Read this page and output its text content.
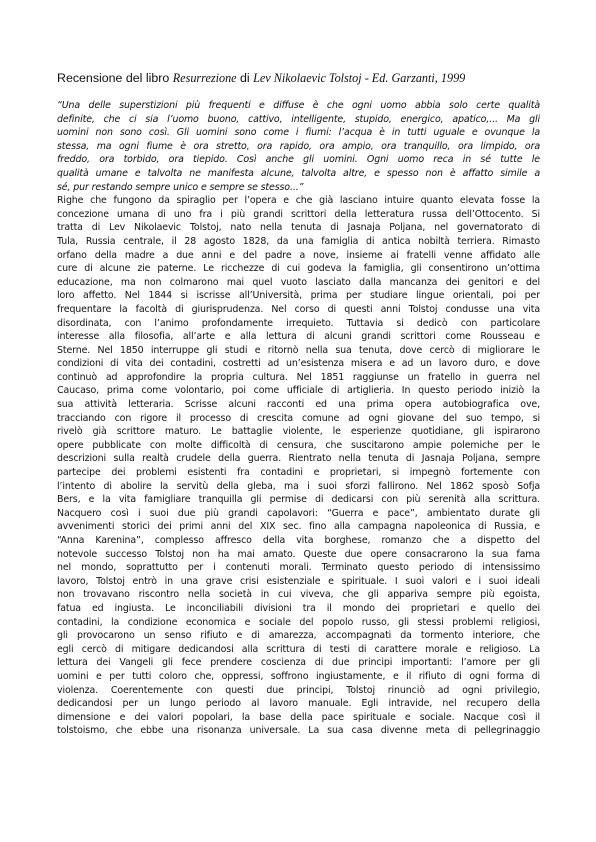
Recensione del libro Resurrezione di Lev Nikolaevic Tolstoj - Ed. Garzanti, 1999
“Una delle superstizioni più frequenti e diffuse è che ogni uomo abbia solo certe qualità
definite, che ci sia l’uomo buono, cattivo, intelligente, stupido, energico, apatico,... Ma gli
uomini non sono così. Gli uomini sono come i fiumi: l’acqua è in tutti uguale e ovunque la
stessa, ma ogni fiume è ora stretto, ora rapido, ora ampio, ora tranquillo, ora limpido, ora
freddo, ora torbido, ora tiepido. Così anche gli uomini. Ogni uomo reca in sé tutte le
qualità umane e talvolta ne manifesta alcune, talvolta altre, e spesso non è affatto simile a
sé, pur restando sempre unico e sempre se stesso...”
Righe che fungono da spiraglio per l’opera e che già lasciano intuire quanto elevata fosse la
concezione umana di uno fra i più grandi scrittori della letteratura russa dell’Ottocento. Si
tratta di Lev Nikolaevic Tolstoj, nato nella tenuta di Jasnaja Poljana, nel governatorato di
Tula, Russia centrale, il 28 agosto 1828, da una famiglia di antica nobiltà terriera. Rimasto
orfano della madre a due anni e del padre a nove, insieme ai fratelli venne affidato alle
cure di alcune zie paterne. Le ricchezze di cui godeva la famiglia, gli consentirono un’ottima
educazione, ma non colmarono mai quel vuoto lasciato dalla mancanza dei genitori e del
loro affetto. Nel 1844 si iscrisse all’Università, prima per studiare lingue orientali, poi per
frequentare la facoltà di giurisprudenza. Nel corso di questi anni Tolstoj condusse una vita
disordinata, con l’animo profondamente irrequieto. Tuttavia si dedicò con particolare
interesse alla filosofia, all’arte e alla lettura di alcuni grandi scrittori come Rousseau e
Sterne. Nel 1850 interruppe gli studi e ritornò nella sua tenuta, dove cercò di migliorare le
condizioni di vita dei contadini, costretti ad un’esistenza misera e ad un lavoro duro, e dove
continuò ad approfondire la propria cultura. Nel 1851 raggiunse un fratello in guerra nel
Caucaso, prima come volontario, poi come ufficiale di artiglieria. In questo periodo iniziò la
sua attività letteraria. Scrisse alcuni racconti ed una prima opera autobiografica ove,
tracciando con rigore il processo di crescita comune ad ogni giovane del suo tempo, si
rivelò già scrittore maturo. Le battaglie violente, le esperienze quotidiane, gli ispirarono
opere pubblicate con molte difficoltà di censura, che suscitarono ampie polemiche per le
descrizioni sulla realtà crudele della guerra. Rientrato nella tenuta di Jasnaja Poljana, sempre
partecipe dei problemi esistenti fra contadini e proprietari, si impegnò fortemente con
l’intento di abolire la servitù della gleba, ma i suoi sforzi fallirono. Nel 1862 sposò Sofja
Bers, e la vita famigliare tranquilla gli permise di dedicarsi con più serenità alla scrittura.
Nacquero così i suoi due più grandi capolavori: “Guerra e pace”, ambientato durate gli
avvenimenti storici dei primi anni del XIX sec. fino alla campagna napoleonica di Russia, e
“Anna Karenina”, complesso affresco della vita borghese, romanzo che a dispetto del
notevole successo Tolstoj non ha mai amato. Queste due opere consacrarono la sua fama
nel mondo, soprattutto per i contenuti morali. Terminato questo periodo di intensissimo
lavoro, Tolstoj entrò in una grave crisi esistenziale e spirituale. I suoi valori e i suoi ideali
non trovavano riscontro nella società in cui viveva, che gli appariva sempre più egoista,
fatua ed ingiusta. Le inconciliabili divisioni tra il mondo dei proprietari e quello dei
contadini, la condizione economica e sociale del popolo russo, gli stessi problemi religiosi,
gli provocarono un senso rifiuto e di amarezza, accompagnati da tormento interiore, che
egli cercò di mitigare dedicandosi alla scrittura di testi di carattere morale e religioso. La
lettura dei Vangeli gli fece prendere coscienza di due principi importanti: l’amore per gli
uomini e per tutti coloro che, oppressi, soffrono ingiustamente, e il rifiuto di ogni forma di
violenza. Coerentemente con questi due principi, Tolstoj rinunciò ad ogni privilegio,
dedicandosi per un lungo periodo al lavoro manuale. Egli intravide, nel recupero della
dimensione e dei valori popolari, la base della pace spirituale e sociale. Nacque così il
tolstoismo, che ebbe una risonanza universale. La sua casa divenne meta di pellegrinaggio
